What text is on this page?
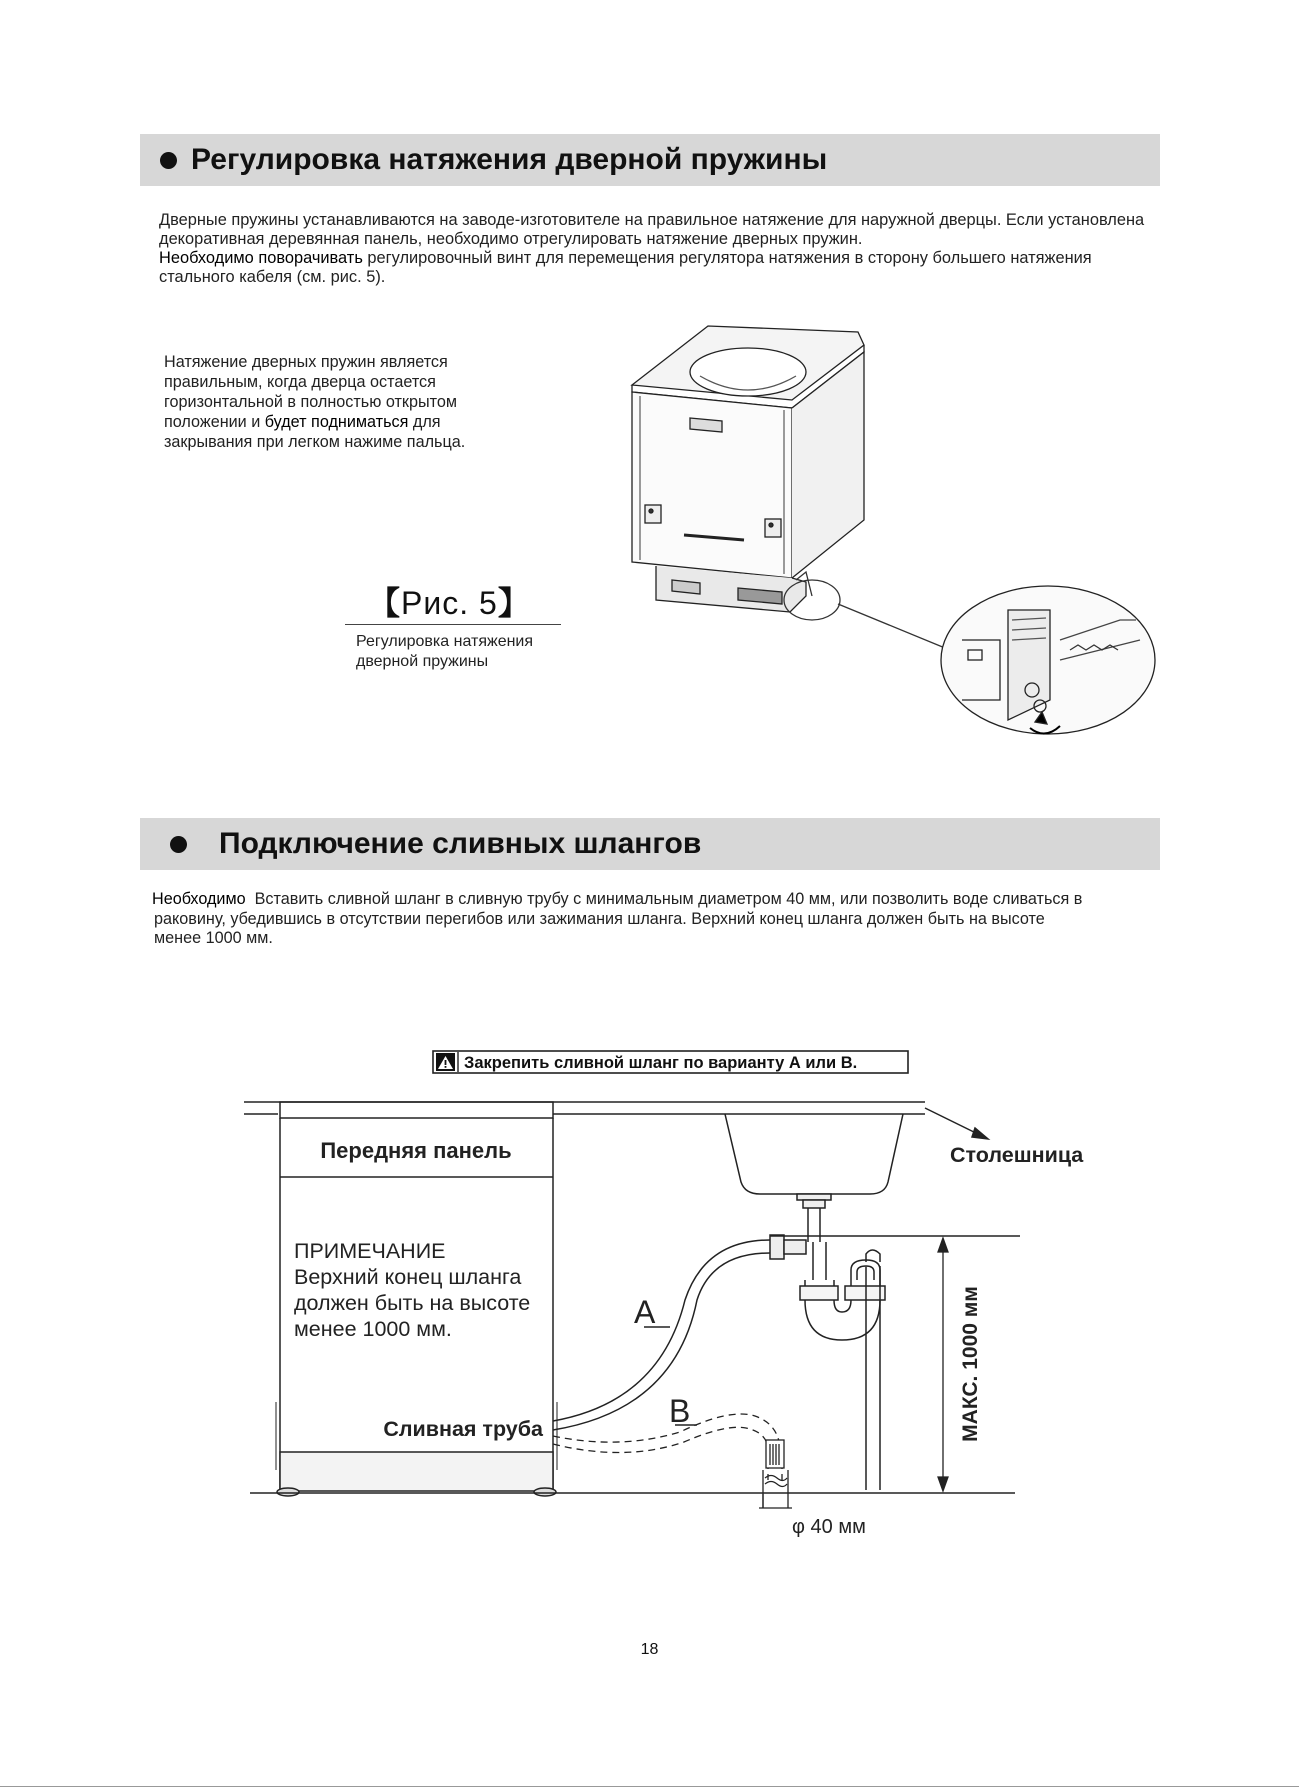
Регулировка натяжения дверной пружины
Дверные пружины устанавливаются на заводе-изготовителе на правильное натяжение для наружной дверцы. Если установлена декоративная деревянная панель, необходимо отрегулировать натяжение дверных пружин.
Необходимо поворачивать регулировочный винт для перемещения регулятора натяжения в сторону большего натяжения стального кабеля (см. рис. 5).
Натяжение дверных пружин является правильным, когда дверца остается горизонтальной в полностью открытом положении и будет подниматься для закрывания при легком нажиме пальца.
【Рис. 5】
Регулировка натяжения дверной пружины
Подключение сливных шлангов
Необходимо Вставить сливной шланг в сливную трубу с минимальным диаметром 40 мм, или позволить воде сливаться в
раковину, убедившись в отсутствии перегибов или зажимания шланга. Верхний конец шланга должен быть на высоте
менее 1000 мм.
Закрепить сливной шланг по варианту А или В.
Передняя панель
ПРИМЕЧАНИЕ
Верхний конец шланга
должен быть на высоте
менее 1000 мм.
Сливная труба
A
B	МАКС. 1000 мм
Столешница
φ 40 мм
18
